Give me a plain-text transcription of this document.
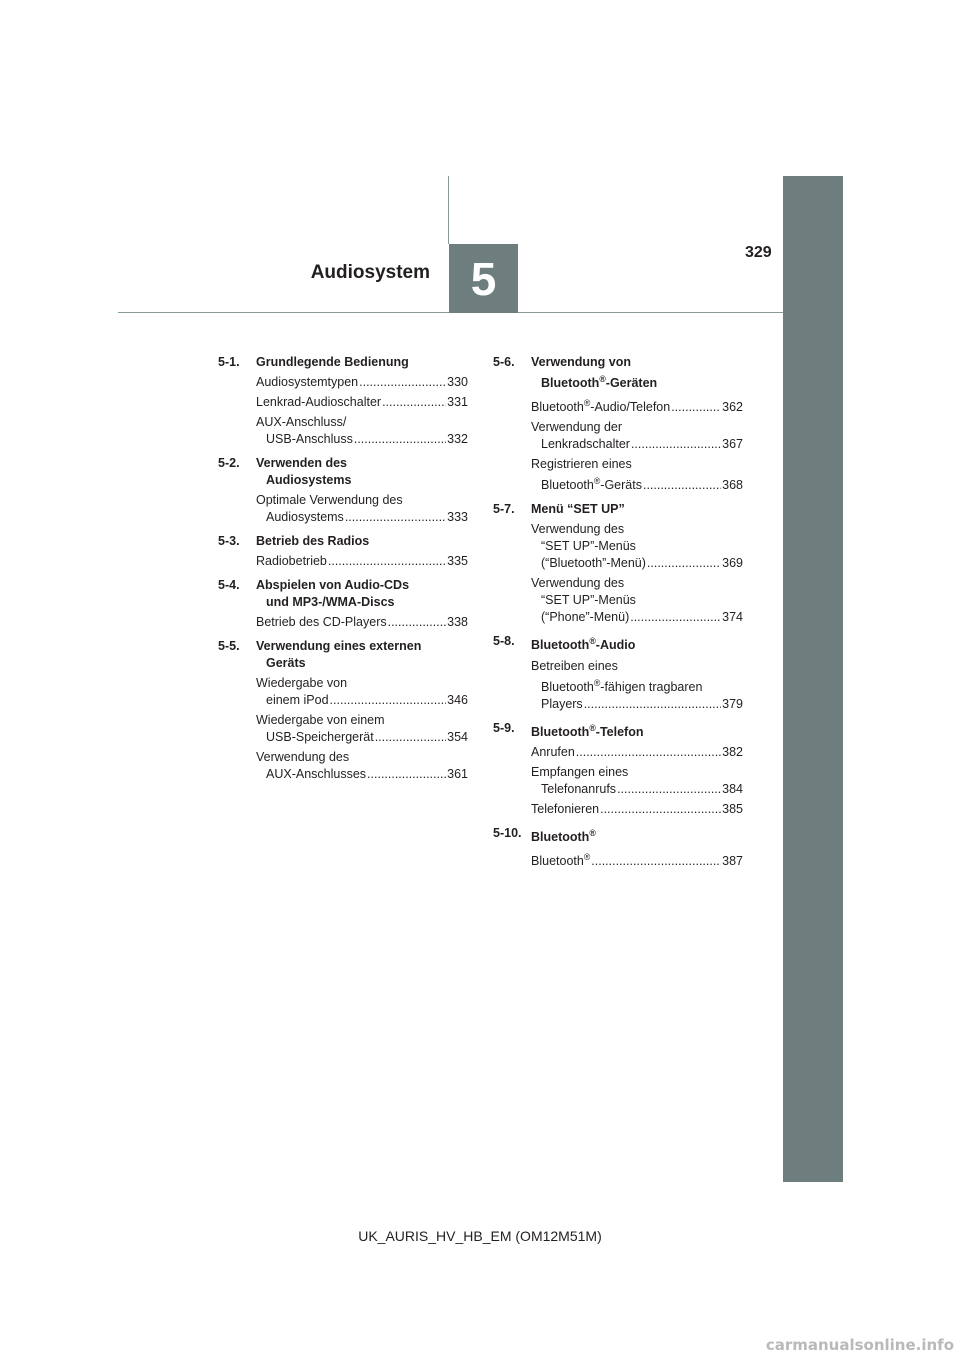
5
Audiosystem
329
5-1.	Grundlegende Bedienung
Audiosystemtypen .....	330
Lenkrad-Audioschalter .....	331
AUX-Anschluss/
USB-Anschluss .....	332
5-2.	Verwenden des
Audiosystems
Optimale Verwendung des
Audiosystems .....	333
5-3.	Betrieb des Radios
Radiobetrieb .....	335
5-4.	Abspielen von Audio-CDs
und MP3-/WMA-Discs
Betrieb des CD-Players .....	338
5-5.	Verwendung eines externen
Geräts
Wiedergabe von
einem iPod .....	346
Wiedergabe von einem
USB-Speichergerät .....	354
Verwendung des
AUX-Anschlusses .....	361
5-6.	Verwendung von
Bluetooth®-Geräten
Bluetooth®-Audio/Telefon .....	362
Verwendung der
Lenkradschalter .....	367
Registrieren eines
Bluetooth®-Geräts .....	368
5-7.	Menü “SET UP”
Verwendung des
“SET UP”-Menüs
(“Bluetooth”-Menü) .....	369
Verwendung des
“SET UP”-Menüs
(“Phone”-Menü) .....	374
5-8.	Bluetooth®-Audio
Betreiben eines
Bluetooth®-fähigen tragbaren
Players .....	379
5-9.	Bluetooth®-Telefon
Anrufen .....	382
Empfangen eines
Telefonanrufs .....	384
Telefonieren .....	385
5-10. Bluetooth®
Bluetooth® .....	387
UK_AURIS_HV_HB_EM (OM12M51M)
carmanualsonline.info
